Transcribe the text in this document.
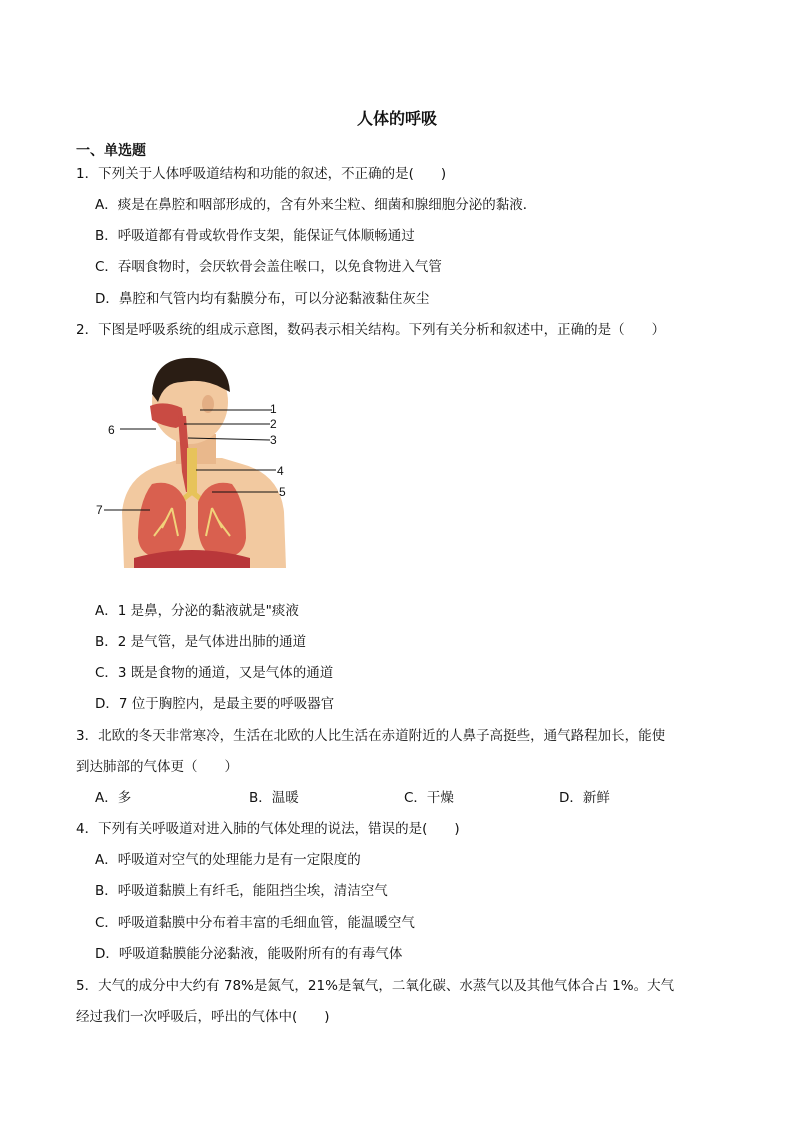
人体的呼吸
一、单选题
1．下列关于人体呼吸道结构和功能的叙述，不正确的是(　　)
A．痰是在鼻腔和咽部形成的，含有外来尘粒、细菌和腺细胞分泌的黏液．
B．呼吸道都有骨或软骨作支架，能保证气体顺畅通过
C．吞咽食物时，会厌软骨会盖住喉口，以免食物进入气管
D．鼻腔和气管内均有黏膜分布，可以分泌黏液黏住灰尘
2．下图是呼吸系统的组成示意图，数码表示相关结构。下列有关分析和叙述中，正确的是（　　）
1
2
3
4
5
6
7
A．1 是鼻，分泌的黏液就是"痰液
B．2 是气管，是气体进出肺的通道
C．3 既是食物的通道，又是气体的通道
D．7 位于胸腔内，是最主要的呼吸器官
3．北欧的冬天非常寒冷，生活在北欧的人比生活在赤道附近的人鼻子高挺些，通气路程加长，能使
到达肺部的气体更（　　）
A．多	B．温暖	C．干燥	D．新鲜
4．下列有关呼吸道对进入肺的气体处理的说法，错误的是(　　)
A．呼吸道对空气的处理能力是有一定限度的
B．呼吸道黏膜上有纤毛，能阻挡尘埃，清洁空气
C．呼吸道黏膜中分布着丰富的毛细血管，能温暖空气
D．呼吸道黏膜能分泌黏液，能吸附所有的有毒气体
5．大气的成分中大约有 78%是氮气，21%是氧气，二氧化碳、水蒸气以及其他气体合占 1%。大气
经过我们一次呼吸后，呼出的气体中(　　)
